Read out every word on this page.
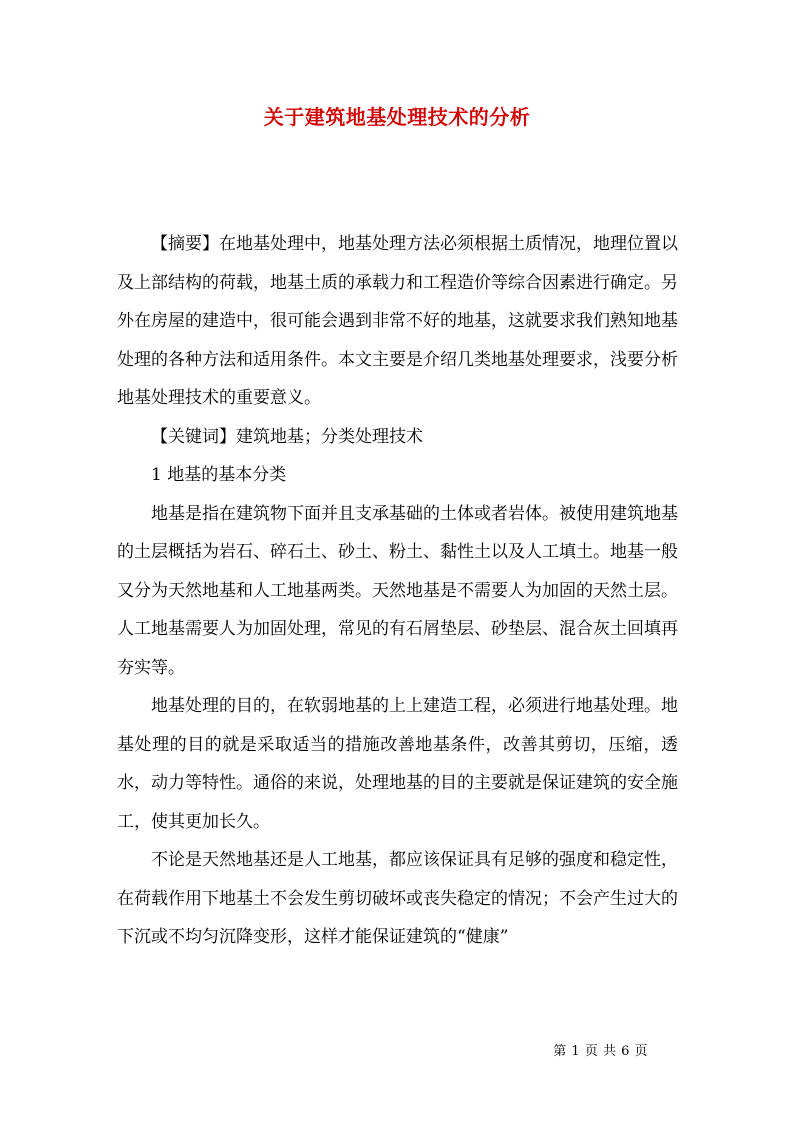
关于建筑地基处理技术的分析

【摘要】在地基处理中，地基处理方法必须根据土质情况，地理位置以及上部结构的荷载，地基土质的承载力和工程造价等综合因素进行确定。另外在房屋的建造中，很可能会遇到非常不好的地基，这就要求我们熟知地基处理的各种方法和适用条件。本文主要是介绍几类地基处理要求，浅要分析地基处理技术的重要意义。

【关键词】建筑地基；分类处理技术

1 地基的基本分类

地基是指在建筑物下面并且支承基础的土体或者岩体。被使用建筑地基的土层概括为岩石、碎石土、砂土、粉土、黏性土以及人工填土。地基一般又分为天然地基和人工地基两类。天然地基是不需要人为加固的天然土层。人工地基需要人为加固处理，常见的有石屑垫层、砂垫层、混合灰土回填再夯实等。

地基处理的目的，在软弱地基的上上建造工程，必须进行地基处理。地基处理的目的就是采取适当的措施改善地基条件，改善其剪切，压缩，透水，动力等特性。通俗的来说，处理地基的目的主要就是保证建筑的安全施工，使其更加长久。

不论是天然地基还是人工地基，都应该保证具有足够的强度和稳定性，在荷载作用下地基土不会发生剪切破坏或丧失稳定的情况；不会产生过大的下沉或不均匀沉降变形，这样才能保证建筑的“健康”

第 1 页 共 6 页
